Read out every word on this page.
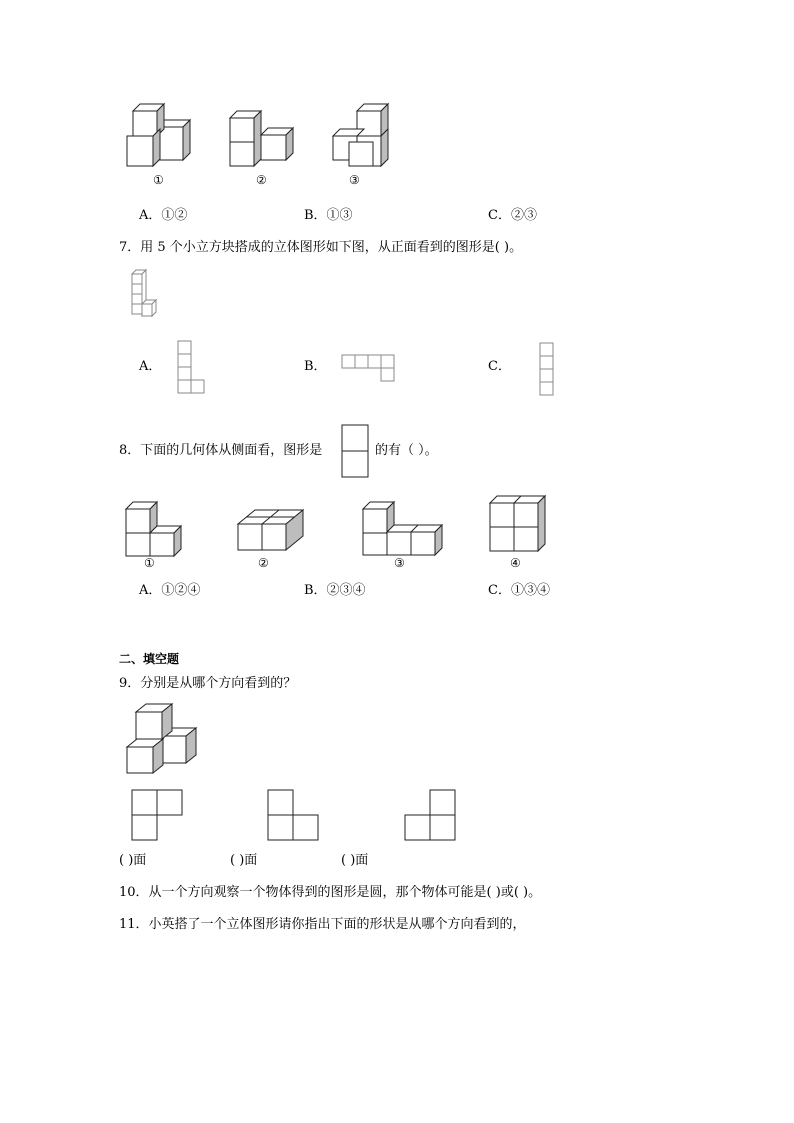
①	②	③
A．①②	B．①③	C．②③
7．用 5 个小立方块搭成的立体图形如下图，从正面看到的图形是( )。
A．	B．	C．
8．下面的几何体从侧面看，图形是	的有（ ）。
①	②	③	④
A．①②④	B．②③④	C．①③④
二、填空题
9．分别是从哪个方向看到的？
( )面	( )面	( )面
10．从一个方向观察一个物体得到的图形是圆，那个物体可能是( )或( )。
11．小英搭了一个立体图形请你指出下面的形状是从哪个方向看到的，
